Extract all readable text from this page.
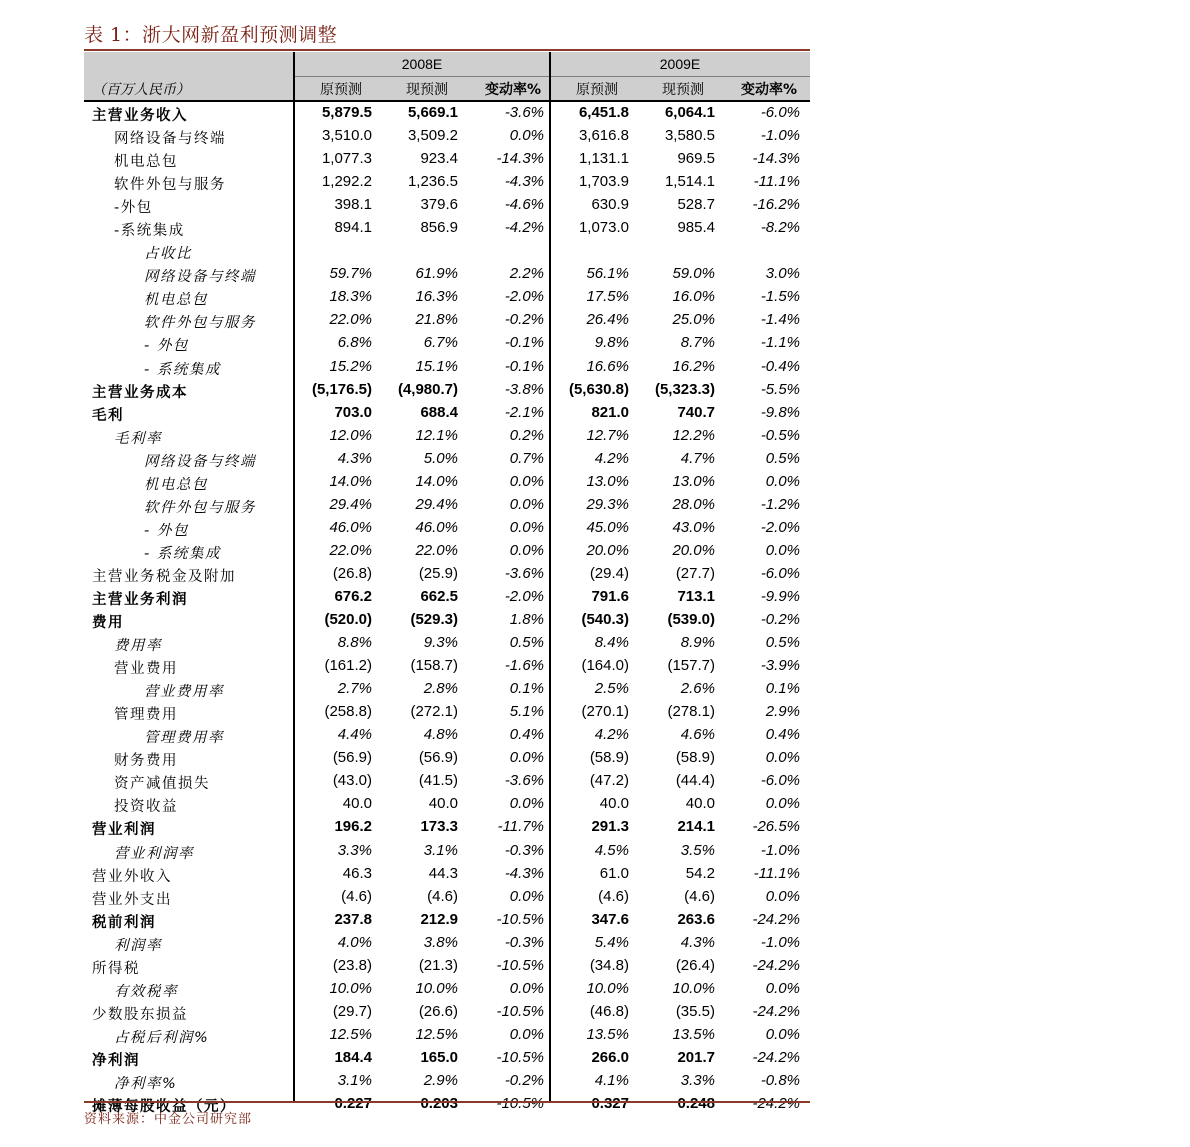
表 1：浙大网新盈利预测调整
2008E	2009E
（百万人民币）	原预测	现预测	变动率%	原预测	现预测	变动率%
主营业务收入	5,879.5	5,669.1	-3.6%	6,451.8	6,064.1	-6.0%
网络设备与终端	3,510.0	3,509.2	0.0%	3,616.8	3,580.5	-1.0%
机电总包	1,077.3	923.4	-14.3%	1,131.1	969.5	-14.3%
软件外包与服务	1,292.2	1,236.5	-4.3%	1,703.9	1,514.1	-11.1%
-外包	398.1	379.6	-4.6%	630.9	528.7	-16.2%
-系统集成	894.1	856.9	-4.2%	1,073.0	985.4	-8.2%
占收比
网络设备与终端	59.7%	61.9%	2.2%	56.1%	59.0%	3.0%
机电总包	18.3%	16.3%	-2.0%	17.5%	16.0%	-1.5%
软件外包与服务	22.0%	21.8%	-0.2%	26.4%	25.0%	-1.4%
- 外包	6.8%	6.7%	-0.1%	9.8%	8.7%	-1.1%
- 系统集成	15.2%	15.1%	-0.1%	16.6%	16.2%	-0.4%
主营业务成本	(5,176.5)	(4,980.7)	-3.8%	(5,630.8)	(5,323.3)	-5.5%
毛利	703.0	688.4	-2.1%	821.0	740.7	-9.8%
毛利率	12.0%	12.1%	0.2%	12.7%	12.2%	-0.5%
网络设备与终端	4.3%	5.0%	0.7%	4.2%	4.7%	0.5%
机电总包	14.0%	14.0%	0.0%	13.0%	13.0%	0.0%
软件外包与服务	29.4%	29.4%	0.0%	29.3%	28.0%	-1.2%
- 外包	46.0%	46.0%	0.0%	45.0%	43.0%	-2.0%
- 系统集成	22.0%	22.0%	0.0%	20.0%	20.0%	0.0%
主营业务税金及附加	(26.8)	(25.9)	-3.6%	(29.4)	(27.7)	-6.0%
主营业务利润	676.2	662.5	-2.0%	791.6	713.1	-9.9%
费用	(520.0)	(529.3)	1.8%	(540.3)	(539.0)	-0.2%
费用率	8.8%	9.3%	0.5%	8.4%	8.9%	0.5%
营业费用	(161.2)	(158.7)	-1.6%	(164.0)	(157.7)	-3.9%
营业费用率	2.7%	2.8%	0.1%	2.5%	2.6%	0.1%
管理费用	(258.8)	(272.1)	5.1%	(270.1)	(278.1)	2.9%
管理费用率	4.4%	4.8%	0.4%	4.2%	4.6%	0.4%
财务费用	(56.9)	(56.9)	0.0%	(58.9)	(58.9)	0.0%
资产减值损失	(43.0)	(41.5)	-3.6%	(47.2)	(44.4)	-6.0%
投资收益	40.0	40.0	0.0%	40.0	40.0	0.0%
营业利润	196.2	173.3	-11.7%	291.3	214.1	-26.5%
营业利润率	3.3%	3.1%	-0.3%	4.5%	3.5%	-1.0%
营业外收入	46.3	44.3	-4.3%	61.0	54.2	-11.1%
营业外支出	(4.6)	(4.6)	0.0%	(4.6)	(4.6)	0.0%
税前利润	237.8	212.9	-10.5%	347.6	263.6	-24.2%
利润率	4.0%	3.8%	-0.3%	5.4%	4.3%	-1.0%
所得税	(23.8)	(21.3)	-10.5%	(34.8)	(26.4)	-24.2%
有效税率	10.0%	10.0%	0.0%	10.0%	10.0%	0.0%
少数股东损益	(29.7)	(26.6)	-10.5%	(46.8)	(35.5)	-24.2%
占税后利润%	12.5%	12.5%	0.0%	13.5%	13.5%	0.0%
净利润	184.4	165.0	-10.5%	266.0	201.7	-24.2%
净利率%	3.1%	2.9%	-0.2%	4.1%	3.3%	-0.8%
摊薄每股收益（元）	0.227	0.203	-10.5%	0.327	0.248	-24.2%
资料来源：中金公司研究部
